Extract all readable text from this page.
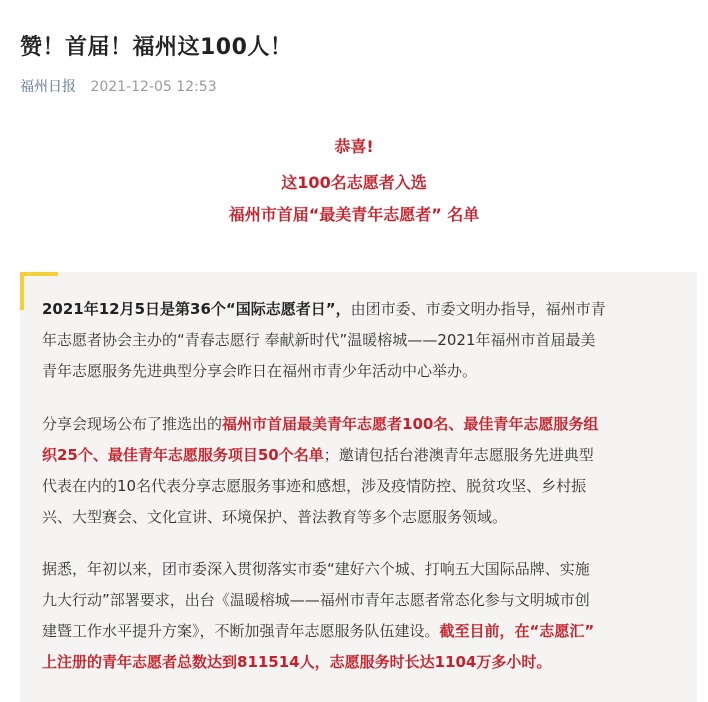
赞！首届！福州这100人！
福州日报 2021-12-05 12:53
恭喜!
这100名志愿者入选
福州市首届“最美青年志愿者” 名单
2021年12月5日是第36个“国际志愿者日”，由团市委、市委文明办指导，福州市青
年志愿者协会主办的“青春志愿行 奉献新时代”温暖榕城——2021年福州市首届最美
青年志愿服务先进典型分享会昨日在福州市青少年活动中心举办。
分享会现场公布了推选出的福州市首届最美青年志愿者100名、最佳青年志愿服务组
织25个、最佳青年志愿服务项目50个名单；邀请包括台港澳青年志愿服务先进典型
代表在内的10名代表分享志愿服务事迹和感想，涉及疫情防控、脱贫攻坚、乡村振
兴、大型赛会、文化宣讲、环境保护、普法教育等多个志愿服务领域。
据悉，年初以来，团市委深入贯彻落实市委“建好六个城、打响五大国际品牌、实施
九大行动”部署要求，出台《温暖榕城——福州市青年志愿者常态化参与文明城市创
建暨工作水平提升方案》，不断加强青年志愿服务队伍建设。截至目前，在“志愿汇”
上注册的青年志愿者总数达到811514人，志愿服务时长达1104万多小时。
